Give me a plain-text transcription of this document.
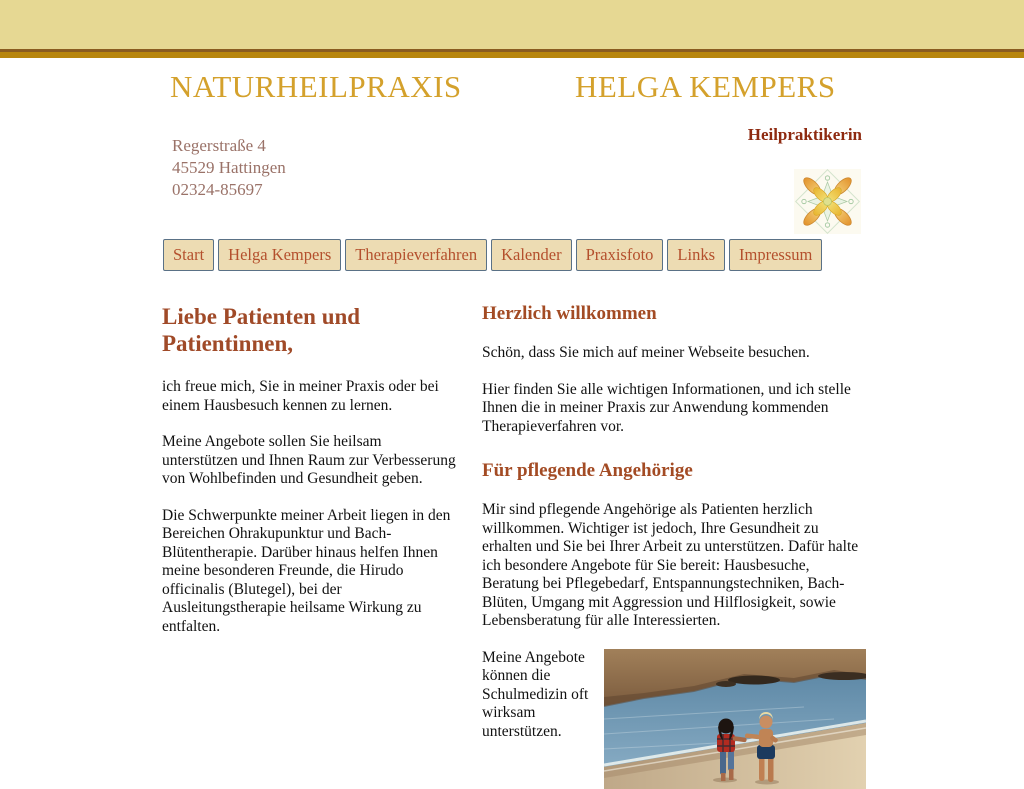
NATURHEILPRAXIS	HELGA KEMPERS
Heilpraktikerin
Regerstraße 4
45529 Hattingen
02324-85697
Start	Helga Kempers	Therapieverfahren	Kalender	Praxisfoto	Links	Impressum
Liebe Patienten und Patientinnen,

ich freue mich, Sie in meiner Praxis oder bei einem Hausbesuch kennen zu lernen.

Meine Angebote sollen Sie heilsam unterstützen und Ihnen Raum zur Verbesserung von Wohlbefinden und Gesundheit geben.

Die Schwerpunkte meiner Arbeit liegen in den Bereichen Ohrakupunktur und Bach-Blütentherapie. Darüber hinaus helfen Ihnen meine besonderen Freunde, die Hirudo officinalis (Blutegel), bei der Ausleitungstherapie heilsame Wirkung zu entfalten.

Herzlich willkommen

Schön, dass Sie mich auf meiner Webseite besuchen.

Hier finden Sie alle wichtigen Informationen, und ich stelle Ihnen die in meiner Praxis zur Anwendung kommenden Therapieverfahren vor.

Für pflegende Angehörige

Mir sind pflegende Angehörige als Patienten herzlich willkommen. Wichtiger ist jedoch, Ihre Gesundheit zu erhalten und Sie bei Ihrer Arbeit zu unterstützen. Dafür halte ich besondere Angebote für Sie bereit: Hausbesuche, Beratung bei Pflegebedarf, Entspannungstechniken, Bach-Blüten, Umgang mit Aggression und Hilflosigkeit, sowie Lebensberatung für alle Interessierten.

Meine Angebote können die Schulmedizin oft wirksam unterstützen.
